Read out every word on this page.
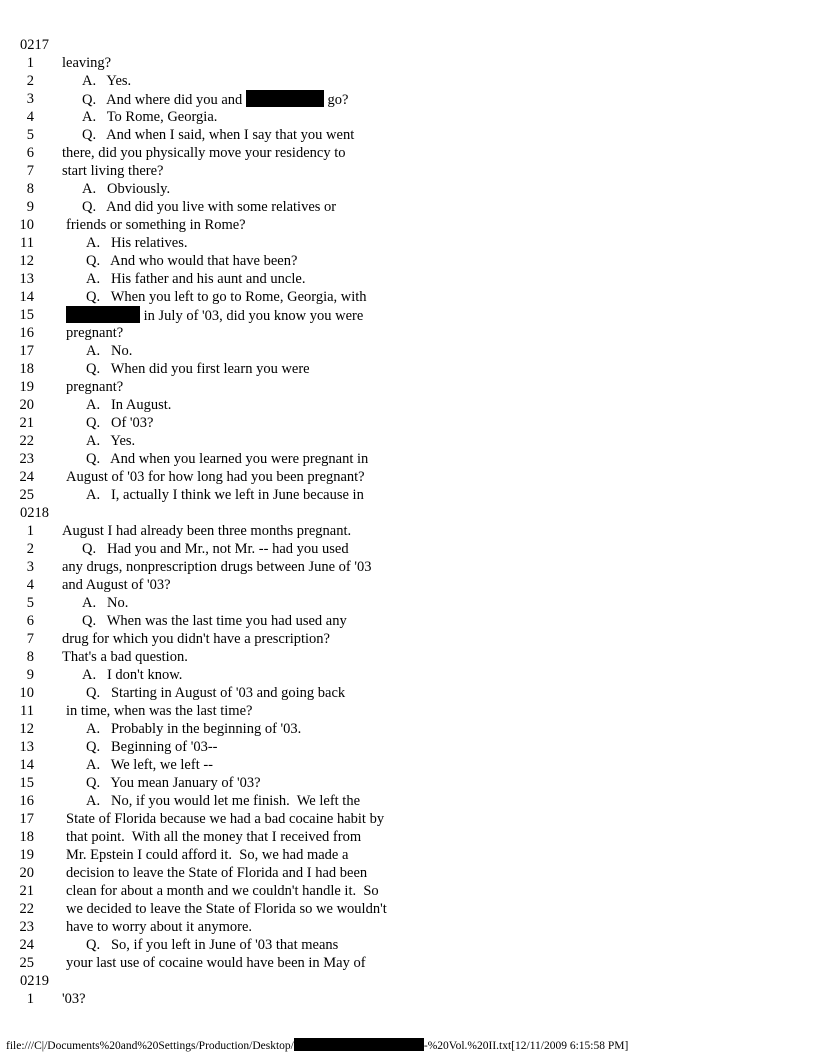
0217
1 leaving?
2	A.   Yes.
3	Q.   And where did you and	go?
4	A.   To Rome, Georgia.
5	Q.   And when I said, when I say that you went
6 there, did you physically move your residency to
7 start living there?
8	A.   Obviously.
9	Q.   And did you live with some relatives or
10 friends or something in Rome?
11	A.   His relatives.
12	Q.   And who would that have been?
13	A.   His father and his aunt and uncle.
14	Q.   When you left to go to Rome, Georgia, with
15	in July of '03, did you know you were
16 pregnant?
17	A.   No.
18	Q.   When did you first learn you were
19 pregnant?
20	A.   In August.
21	Q.   Of '03?
22	A.   Yes.
23	Q.   And when you learned you were pregnant in
24 August of '03 for how long had you been pregnant?
25	A.   I, actually I think we left in June because in
0218
1 August I had already been three months pregnant.
2	Q.   Had you and Mr., not Mr. -- had you used
3 any drugs, nonprescription drugs between June of '03
4 and August of '03?
5	A.   No.
6	Q.   When was the last time you had used any
7 drug for which you didn't have a prescription?
8 That's a bad question.
9	A.   I don't know.
10	Q.   Starting in August of '03 and going back
11 in time, when was the last time?
12	A.   Probably in the beginning of '03.
13	Q.   Beginning of '03--
14	A.   We left, we left --
15	Q.   You mean January of '03?
16	A.   No, if you would let me finish.  We left the
17 State of Florida because we had a bad cocaine habit by
18 that point.  With all the money that I received from
19 Mr. Epstein I could afford it.  So, we had made a
20 decision to leave the State of Florida and I had been
21 clean for about a month and we couldn't handle it.  So
22 we decided to leave the State of Florida so we wouldn't
23 have to worry about it anymore.
24	Q.   So, if you left in June of '03 that means
25 your last use of cocaine would have been in May of
0219
1 '03?
file:///C|/Documents%20and%20Settings/Production/Desktop/	-%20Vol.%20II.txt[12/11/2009 6:15:58 PM]
